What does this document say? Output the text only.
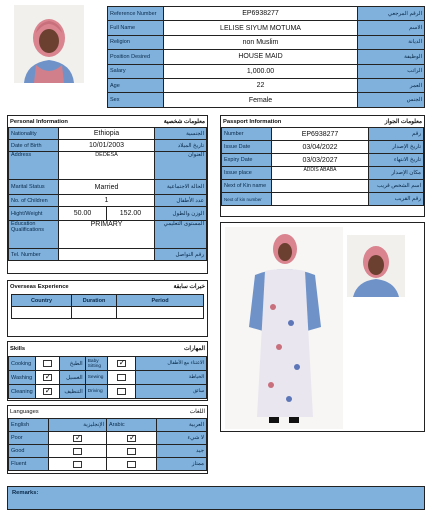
Reference Number	EP6938277	الرقم المرجعي
Full Name	LELISE SIYUM MOTUMA	الاسم
Religion	non Muslim	الديانة
Position Desired	HOUSE MAID	الوظيفة
Salary	1,000.00	الراتب
Age	22	العمر
Sex	Female	الجنس
Personal Information	معلومات شخصية
Nationality	Ethiopia	الجنسية
Date of Birth	10/01/2003	تاريخ الميلاد
Address	DEDESA	العنوان
Marital Status	Married	الحالة الاجتماعية
No. of Children	1	عدد الأطفال
Hight/Weight	50.00 152.00	الوزن والطول
Education Qualifications	PRIMARY	المستوى التعليمي
Tel. Number		رقم التواصل
Passport Information	معلومات الجواز
Number	EP6938277	رقم
Issue Date	03/04/2022	تاريخ الإصدار
Expiry Date	03/03/2027	تاريخ الانتهاء
Issue place	ADDIS ABABA	مكان الإصدار
Next of Kin name		اسم الشخص قريب
Next of kin number		رقم القريب
Overseas Experience	خبرات سابقة
Country	Duration	Period

Skills	المهارات
Cooking		الطبخ	Baby Sitting	✓	الاعتناء مع الأطفال
Washing	✓	الغسيل	Sewing		الخياطة
Cleaning	✓	التنظيف	Driving		سائق
Languages	اللغات
English	الإنجليزية	Arabic	العربية
Poor	✓	✓	لا شيء
Good			جيد
Fluent			ممتاز
Remarks:
